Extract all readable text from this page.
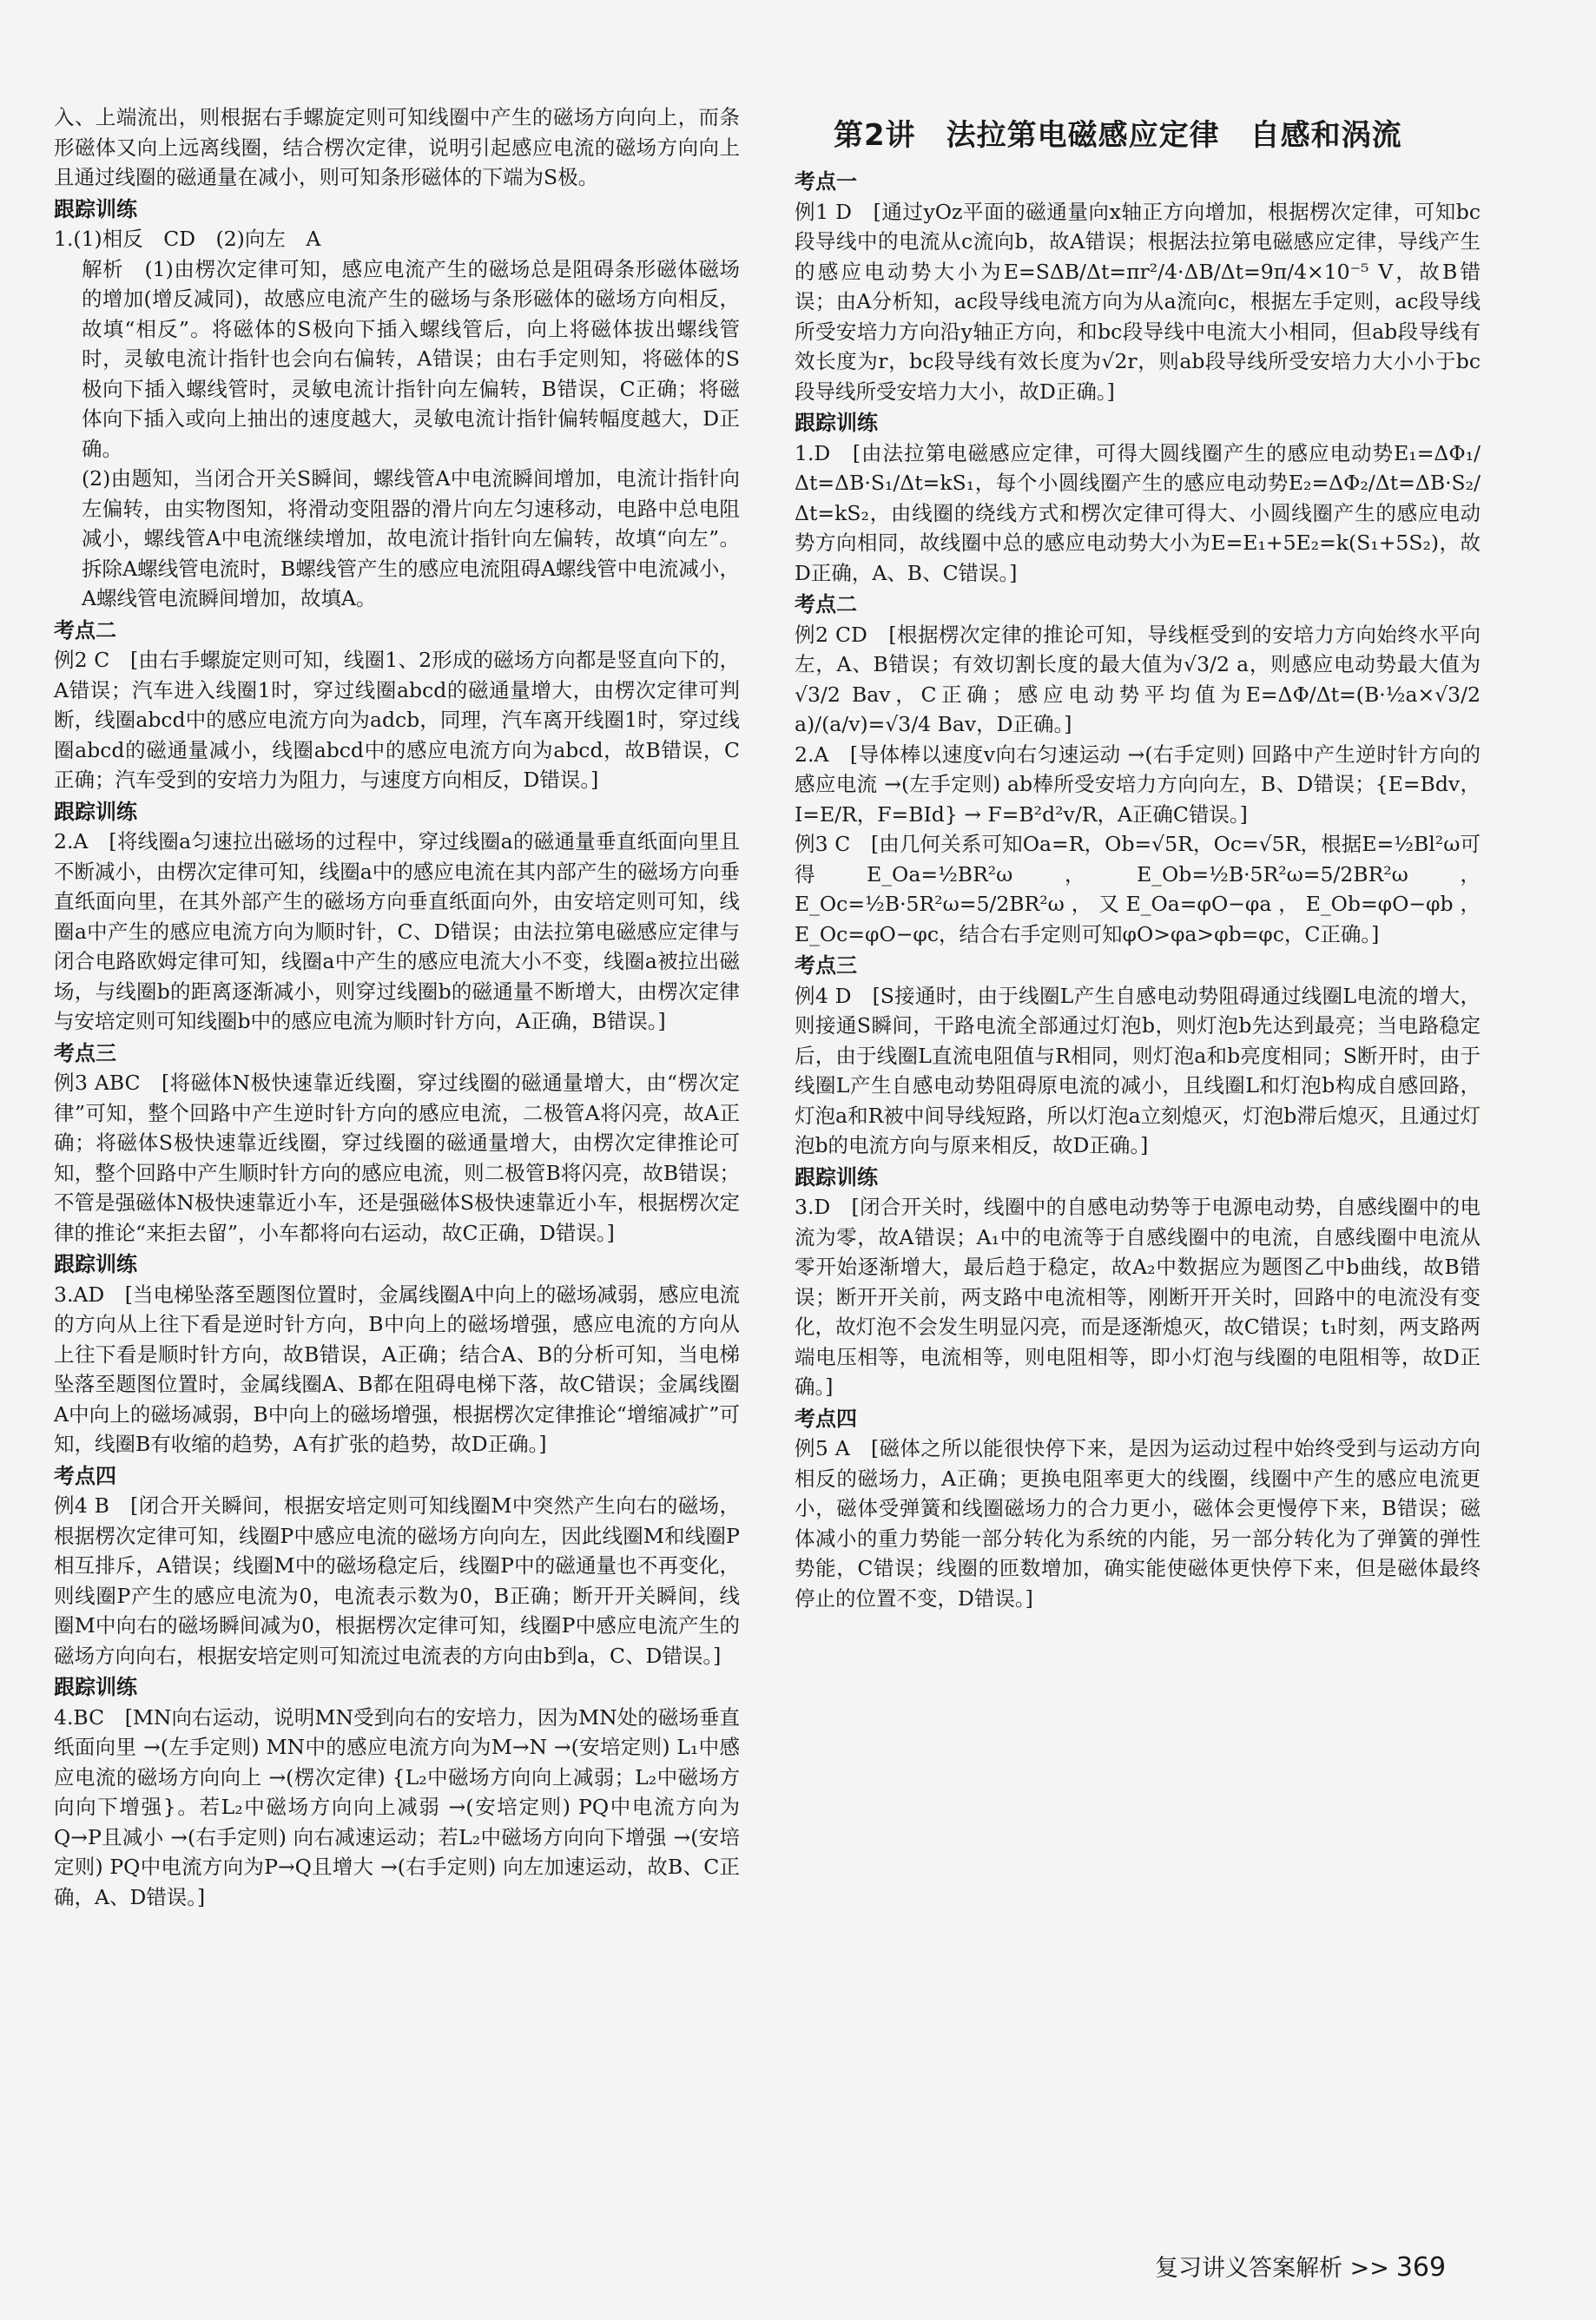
入、上端流出，则根据右手螺旋定则可知线圈中产生的磁场方向向上，而条形磁体又向上远离线圈，结合楞次定律，说明引起感应电流的磁场方向向上且通过线圈的磁通量在减小，则可知条形磁体的下端为S极。

跟踪训练

1.(1)相反　CD　(2)向左　A

解析　(1)由楞次定律可知，感应电流产生的磁场总是阻碍条形磁体磁场的增加(增反减同)，故感应电流产生的磁场与条形磁体的磁场方向相反，故填“相反”。将磁体的S极向下插入螺线管后，向上将磁体拔出螺线管时，灵敏电流计指针也会向右偏转，A错误；由右手定则知，将磁体的S极向下插入螺线管时，灵敏电流计指针向左偏转，B错误，C正确；将磁体向下插入或向上抽出的速度越大，灵敏电流计指针偏转幅度越大，D正确。

(2)由题知，当闭合开关S瞬间，螺线管A中电流瞬间增加，电流计指针向左偏转，由实物图知，将滑动变阻器的滑片向左匀速移动，电路中总电阻减小，螺线管A中电流继续增加，故电流计指针向左偏转，故填“向左”。拆除A螺线管电流时，B螺线管产生的感应电流阻碍A螺线管中电流减小，A螺线管电流瞬间增加，故填A。

考点二

例2 C　[由右手螺旋定则可知，线圈1、2形成的磁场方向都是竖直向下的，A错误；汽车进入线圈1时，穿过线圈abcd的磁通量增大，由楞次定律可判断，线圈abcd中的感应电流方向为adcb，同理，汽车离开线圈1时，穿过线圈abcd的磁通量减小，线圈abcd中的感应电流方向为abcd，故B错误，C正确；汽车受到的安培力为阻力，与速度方向相反，D错误。]

跟踪训练

2.A　[将线圈a匀速拉出磁场的过程中，穿过线圈a的磁通量垂直纸面向里且不断减小，由楞次定律可知，线圈a中的感应电流在其内部产生的磁场方向垂直纸面向里，在其外部产生的磁场方向垂直纸面向外，由安培定则可知，线圈a中产生的感应电流方向为顺时针，C、D错误；由法拉第电磁感应定律与闭合电路欧姆定律可知，线圈a中产生的感应电流大小不变，线圈a被拉出磁场，与线圈b的距离逐渐减小，则穿过线圈b的磁通量不断增大，由楞次定律与安培定则可知线圈b中的感应电流为顺时针方向，A正确，B错误。]

考点三

例3 ABC　[将磁体N极快速靠近线圈，穿过线圈的磁通量增大，由“楞次定律”可知，整个回路中产生逆时针方向的感应电流，二极管A将闪亮，故A正确；将磁体S极快速靠近线圈，穿过线圈的磁通量增大，由楞次定律推论可知，整个回路中产生顺时针方向的感应电流，则二极管B将闪亮，故B错误；不管是强磁体N极快速靠近小车，还是强磁体S极快速靠近小车，根据楞次定律的推论“来拒去留”，小车都将向右运动，故C正确，D错误。]

跟踪训练

3.AD　[当电梯坠落至题图位置时，金属线圈A中向上的磁场减弱，感应电流的方向从上往下看是逆时针方向，B中向上的磁场增强，感应电流的方向从上往下看是顺时针方向，故B错误，A正确；结合A、B的分析可知，当电梯坠落至题图位置时，金属线圈A、B都在阻碍电梯下落，故C错误；金属线圈A中向上的磁场减弱，B中向上的磁场增强，根据楞次定律推论“增缩减扩”可知，线圈B有收缩的趋势，A有扩张的趋势，故D正确。]

考点四

例4 B　[闭合开关瞬间，根据安培定则可知线圈M中突然产生向右的磁场，根据楞次定律可知，线圈P中感应电流的磁场方向向左，因此线圈M和线圈P相互排斥，A错误；线圈M中的磁场稳定后，线圈P中的磁通量也不再变化，则线圈P产生的感应电流为0，电流表示数为0，B正确；断开开关瞬间，线圈M中向右的磁场瞬间减为0，根据楞次定律可知，线圈P中感应电流产生的磁场方向向右，根据安培定则可知流过电流表的方向由b到a，C、D错误。]

跟踪训练

4.BC　[MN向右运动，说明MN受到向右的安培力，因为MN处的磁场垂直纸面向里 →(左手定则) MN中的感应电流方向为M→N →(安培定则) L₁中感应电流的磁场方向向上 →(楞次定律) {L₂中磁场方向向上减弱；L₂中磁场方向向下增强}。若L₂中磁场方向向上减弱 →(安培定则) PQ中电流方向为Q→P且减小 →(右手定则) 向右减速运动；若L₂中磁场方向向下增强 →(安培定则) PQ中电流方向为P→Q且增大 →(右手定则) 向左加速运动，故B、C正确，A、D错误。]

第2讲　法拉第电磁感应定律　自感和涡流
考点一

例1 D　[通过yOz平面的磁通量向x轴正方向增加，根据楞次定律，可知bc段导线中的电流从c流向b，故A错误；根据法拉第电磁感应定律，导线产生的感应电动势大小为E=SΔB/Δt=πr²/4·ΔB/Δt=9π/4×10⁻⁵ V，故B错误；由A分析知，ac段导线电流方向为从a流向c，根据左手定则，ac段导线所受安培力方向沿y轴正方向，和bc段导线中电流大小相同，但ab段导线有效长度为r，bc段导线有效长度为√2r，则ab段导线所受安培力大小小于bc段导线所受安培力大小，故D正确。]

跟踪训练

1.D　[由法拉第电磁感应定律，可得大圆线圈产生的感应电动势E₁=ΔΦ₁/Δt=ΔB·S₁/Δt=kS₁，每个小圆线圈产生的感应电动势E₂=ΔΦ₂/Δt=ΔB·S₂/Δt=kS₂，由线圈的绕线方式和楞次定律可得大、小圆线圈产生的感应电动势方向相同，故线圈中总的感应电动势大小为E=E₁+5E₂=k(S₁+5S₂)，故D正确，A、B、C错误。]

考点二

例2 CD　[根据楞次定律的推论可知，导线框受到的安培力方向始终水平向左，A、B错误；有效切割长度的最大值为√3/2 a，则感应电动势最大值为√3/2 Bav，C正确；感应电动势平均值为E=ΔΦ/Δt=(B·½a×√3/2 a)/(a/v)=√3/4 Bav，D正确。]

2.A　[导体棒以速度v向右匀速运动 →(右手定则) 回路中产生逆时针方向的感应电流 →(左手定则) ab棒所受安培力方向向左，B、D错误；{E=Bdv，I=E/R，F=BId} → F=B²d²v/R，A正确C错误。]

例3 C　[由几何关系可知Oa=R，Ob=√5R，Oc=√5R，根据E=½Bl²ω可得E_Oa=½BR²ω，E_Ob=½B·5R²ω=5/2BR²ω，E_Oc=½B·5R²ω=5/2BR²ω，又E_Oa=φO−φa，E_Ob=φO−φb，E_Oc=φO−φc，结合右手定则可知φO>φa>φb=φc，C正确。]

考点三

例4 D　[S接通时，由于线圈L产生自感电动势阻碍通过线圈L电流的增大，则接通S瞬间，干路电流全部通过灯泡b，则灯泡b先达到最亮；当电路稳定后，由于线圈L直流电阻值与R相同，则灯泡a和b亮度相同；S断开时，由于线圈L产生自感电动势阻碍原电流的减小，且线圈L和灯泡b构成自感回路，灯泡a和R被中间导线短路，所以灯泡a立刻熄灭，灯泡b滞后熄灭，且通过灯泡b的电流方向与原来相反，故D正确。]

跟踪训练

3.D　[闭合开关时，线圈中的自感电动势等于电源电动势，自感线圈中的电流为零，故A错误；A₁中的电流等于自感线圈中的电流，自感线圈中电流从零开始逐渐增大，最后趋于稳定，故A₂中数据应为题图乙中b曲线，故B错误；断开开关前，两支路中电流相等，刚断开开关时，回路中的电流没有变化，故灯泡不会发生明显闪亮，而是逐渐熄灭，故C错误；t₁时刻，两支路两端电压相等，电流相等，则电阻相等，即小灯泡与线圈的电阻相等，故D正确。]

考点四

例5 A　[磁体之所以能很快停下来，是因为运动过程中始终受到与运动方向相反的磁场力，A正确；更换电阻率更大的线圈，线圈中产生的感应电流更小，磁体受弹簧和线圈磁场力的合力更小，磁体会更慢停下来，B错误；磁体减小的重力势能一部分转化为系统的内能，另一部分转化为了弹簧的弹性势能，C错误；线圈的匝数增加，确实能使磁体更快停下来，但是磁体最终停止的位置不变，D错误。]

复习讲义答案解析 >> 369
